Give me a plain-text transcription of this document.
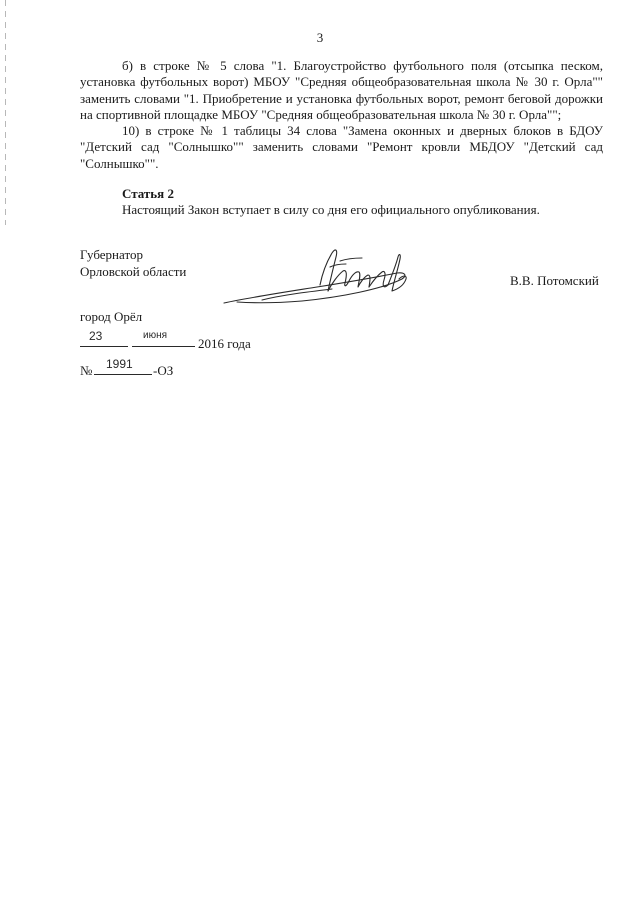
3

б) в строке № 5 слова "1. Благоустройство футбольного поля (отсыпка песком, установка футбольных ворот) МБОУ "Средняя общеобразовательная школа № 30 г. Орла"" заменить словами "1. Приобретение и установка футбольных ворот, ремонт беговой дорожки на спортивной площадке МБОУ "Средняя общеобразовательная школа № 30 г. Орла"";

10) в строке № 1 таблицы 34 слова "Замена оконных и дверных блоков в БДОУ "Детский сад "Солнышко"" заменить словами "Ремонт кровли МБДОУ "Детский сад "Солнышко"".

Статья 2

Настоящий Закон вступает в силу со дня его официального опубликования.

Губернатор
Орловской области
В.В. Потомский
город Орёл
23	июня
2016 года
№ 1991 -ОЗ
